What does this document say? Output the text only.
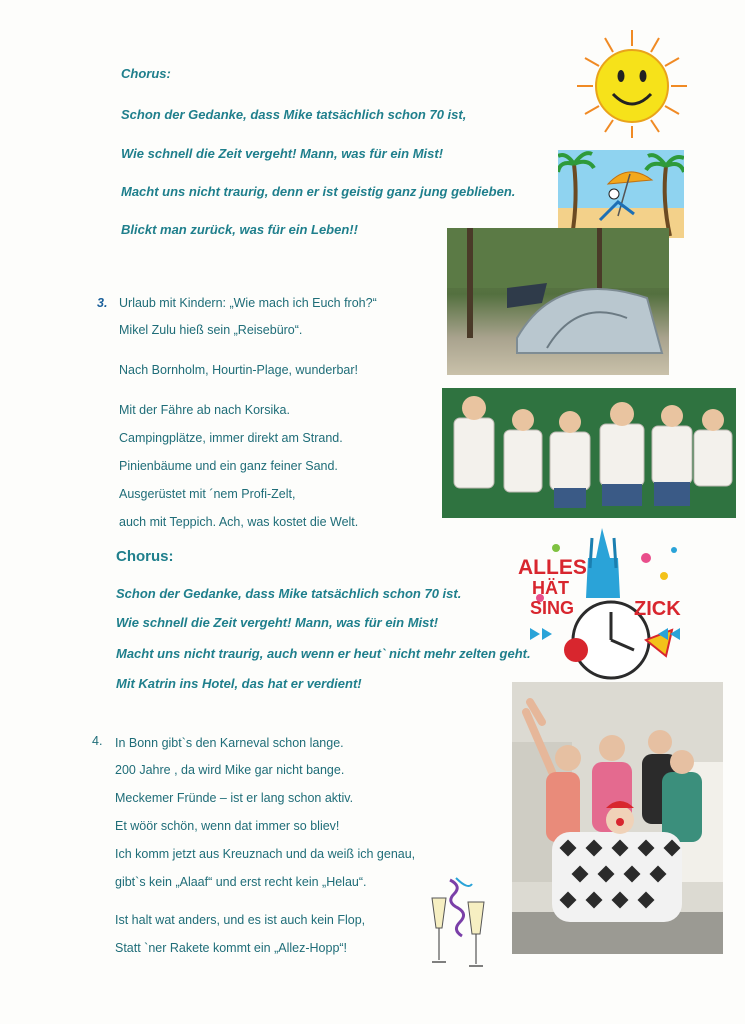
Chorus:
Schon der Gedanke, dass Mike tatsächlich schon 70 ist,
Wie schnell die Zeit vergeht! Mann, was für ein Mist!
Macht uns nicht traurig, denn er ist geistig ganz jung geblieben.
Blickt man zurück, was für ein Leben!!
3. Urlaub mit Kindern: „Wie mach ich Euch froh?“
Mikel Zulu hieß sein „Reisebüro“.
Nach Bornholm, Hourtin-Plage, wunderbar!
Mit der Fähre ab nach Korsika.
Campingplätze, immer direkt am Strand.
Pinienbäume und ein ganz feiner Sand.
Ausgerüstet mit ´nem Profi-Zelt,
auch mit Teppich. Ach, was kostet die Welt.
Chorus:
Schon der Gedanke, dass Mike tatsächlich schon 70 ist.
Wie schnell die Zeit vergeht! Mann, was für ein Mist!
Macht uns nicht traurig, auch wenn er heut` nicht mehr zelten geht.
Mit Katrin ins Hotel, das hat er verdient!
4. In Bonn gibt`s den Karneval schon lange.
200 Jahre , da wird Mike gar nicht bange.
Meckemer Fründe – ist er lang schon aktiv.
Et wöör schön, wenn dat immer so bliev!
Ich komm jetzt aus Kreuznach und da weiß ich genau,
gibt`s kein „Alaaf“ und erst recht kein „Helau“.
Ist halt wat anders, und es ist auch kein Flop,
Statt `ner Rakete kommt ein „Allez-Hopp“!
ALLES
HÄT
SING	ZICK
